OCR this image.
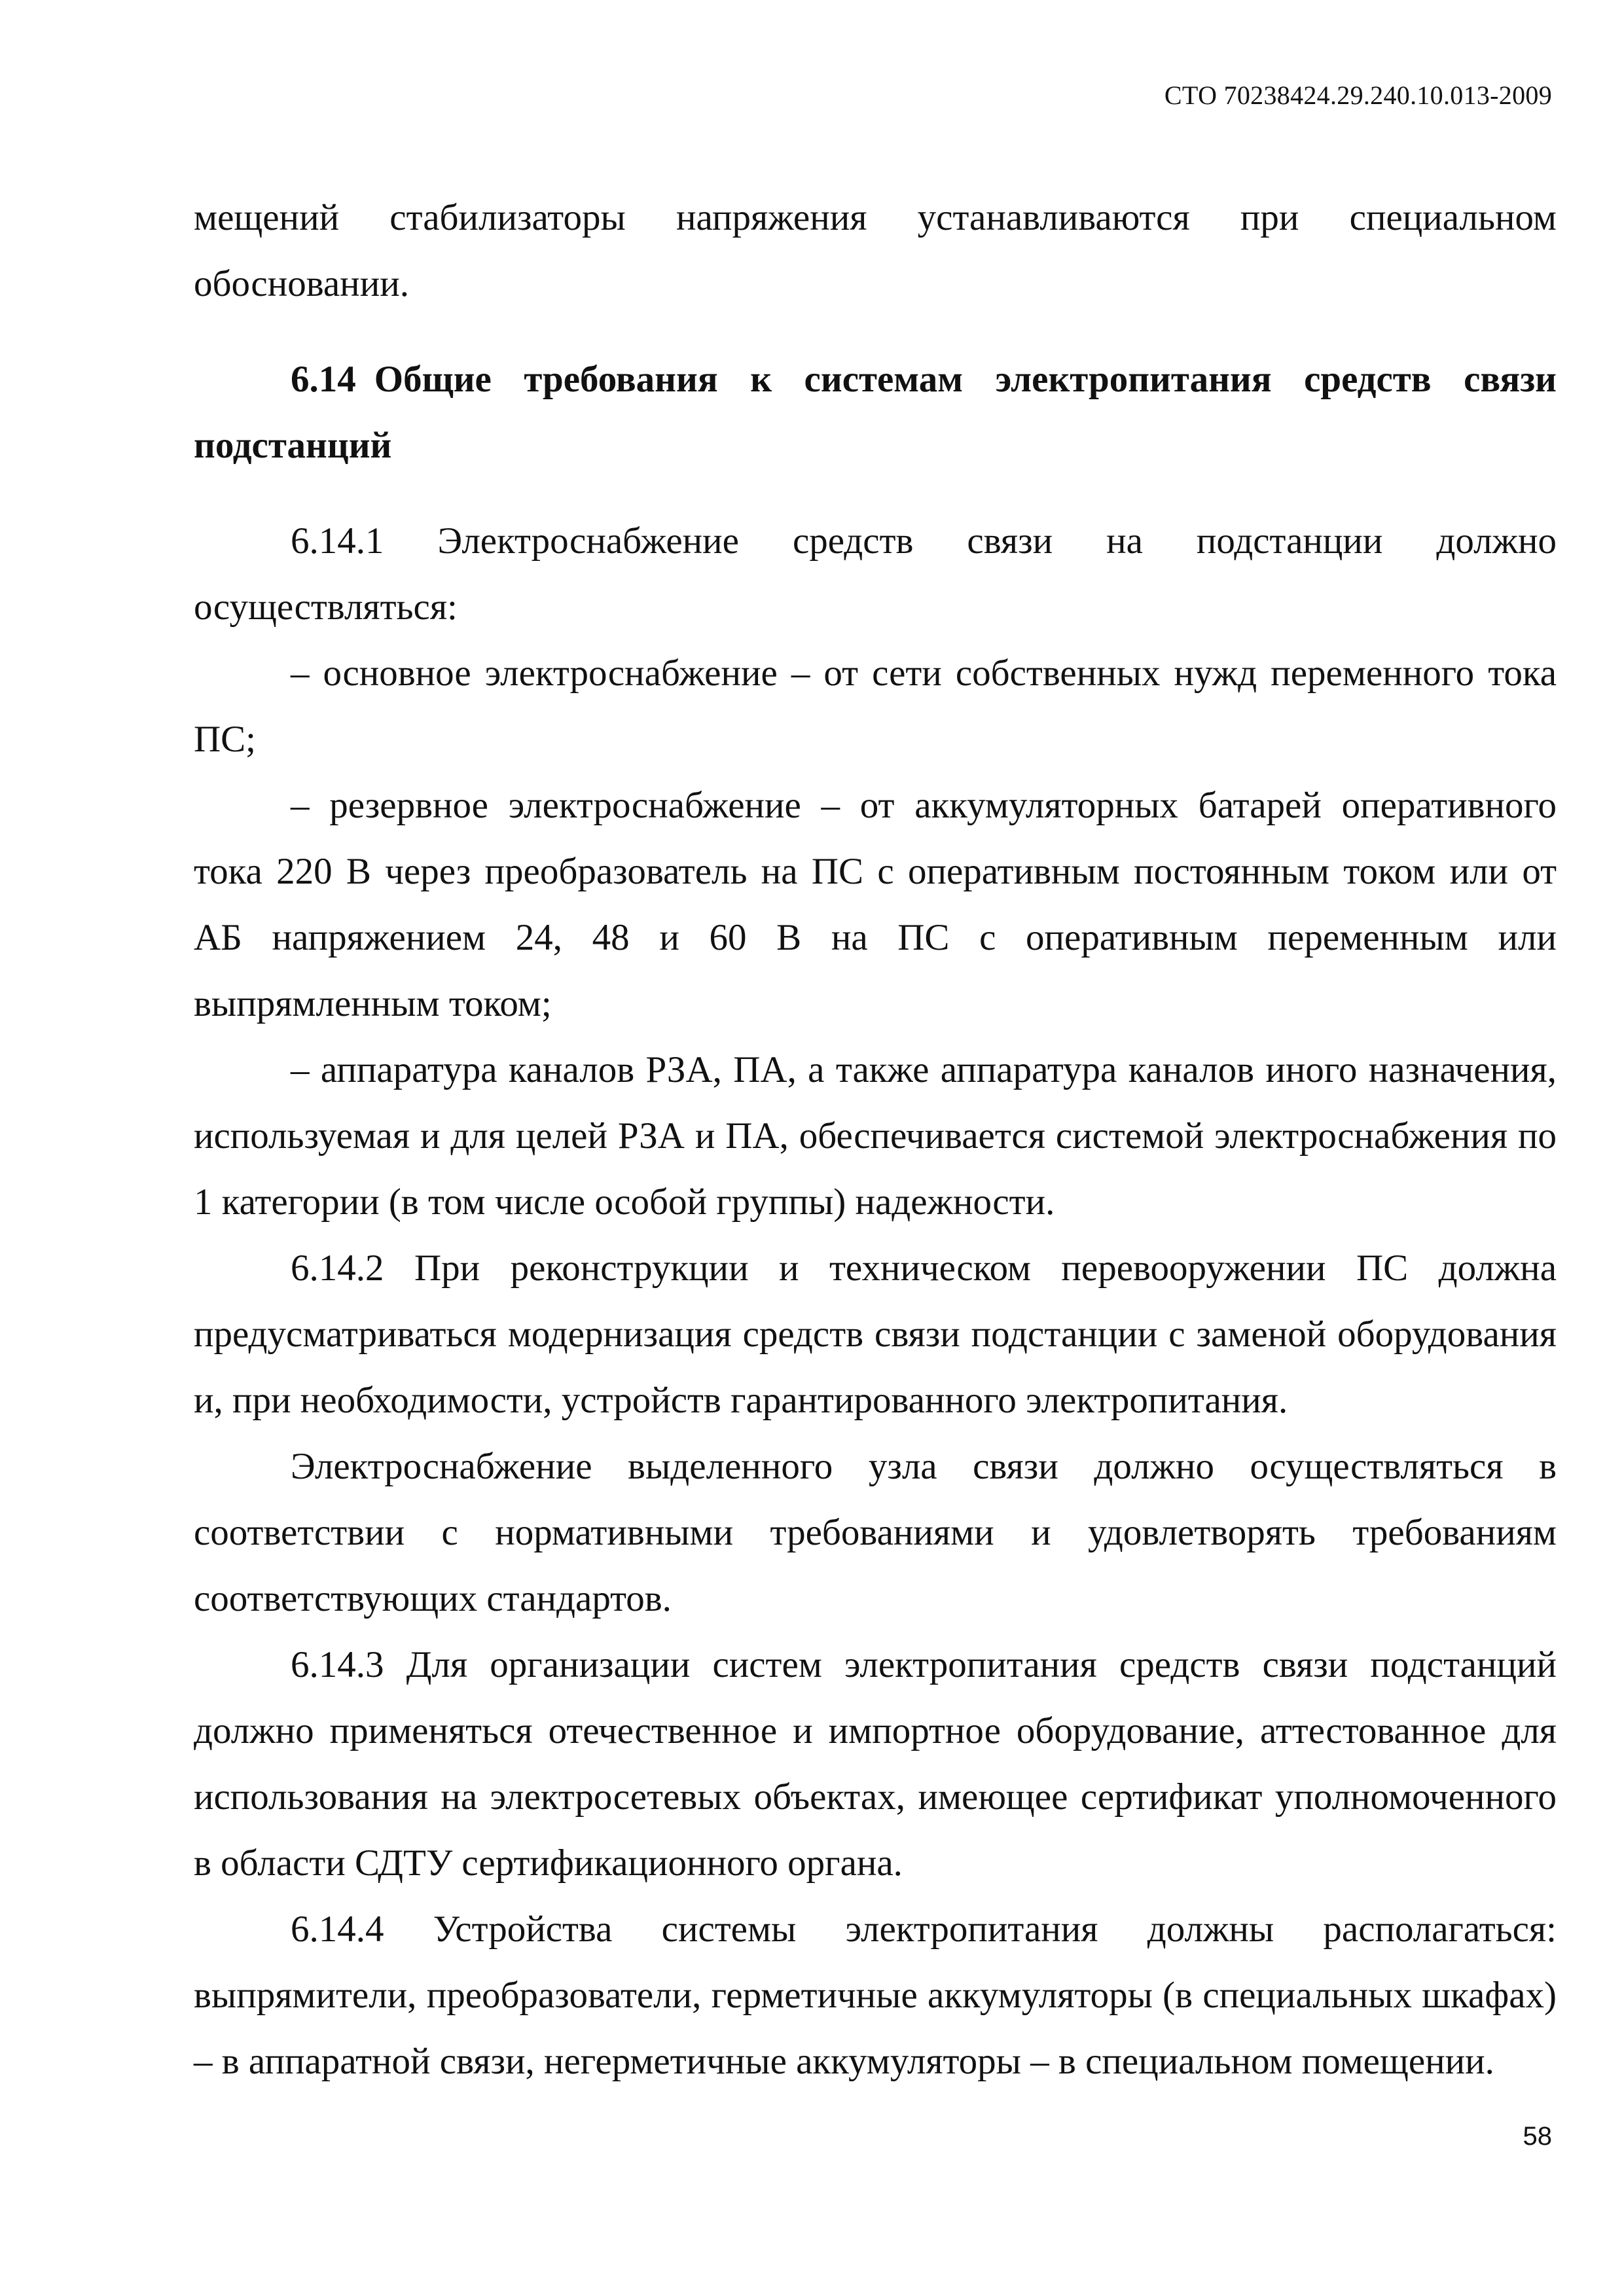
СТО 70238424.29.240.10.013-2009

мещений стабилизаторы напряжения устанавливаются при специальном обосновании.

6.14 Общие требования к системам электропитания средств связи подстанций

6.14.1 Электроснабжение средств связи на подстанции должно осуществляться:

– основное электроснабжение – от сети собственных нужд переменного тока ПС;

– резервное электроснабжение – от аккумуляторных батарей оперативного тока 220 В через преобразователь на ПС с оперативным постоянным током или от АБ напряжением 24, 48 и 60 В на ПС с оперативным переменным или выпрямленным током;

– аппаратура каналов РЗА, ПА, а также аппаратура каналов иного назначения, используемая и для целей РЗА и ПА, обеспечивается системой электроснабжения по 1 категории (в том числе особой группы) надежности.

6.14.2 При реконструкции и техническом перевооружении ПС должна предусматриваться модернизация средств связи подстанции с заменой оборудования и, при необходимости, устройств гарантированного электропитания.

Электроснабжение выделенного узла связи должно осуществляться в соответствии с нормативными требованиями и удовлетворять требованиям соответствующих стандартов.

6.14.3 Для организации систем электропитания средств связи подстанций должно применяться отечественное и импортное оборудование, аттестованное для использования на электросетевых объектах, имеющее сертификат уполномоченного в области СДТУ сертификационного органа.

6.14.4 Устройства системы электропитания должны располагаться: выпрямители, преобразователи, герметичные аккумуляторы (в специальных шкафах) – в аппаратной связи, негерметичные аккумуляторы – в специальном помещении.

58
